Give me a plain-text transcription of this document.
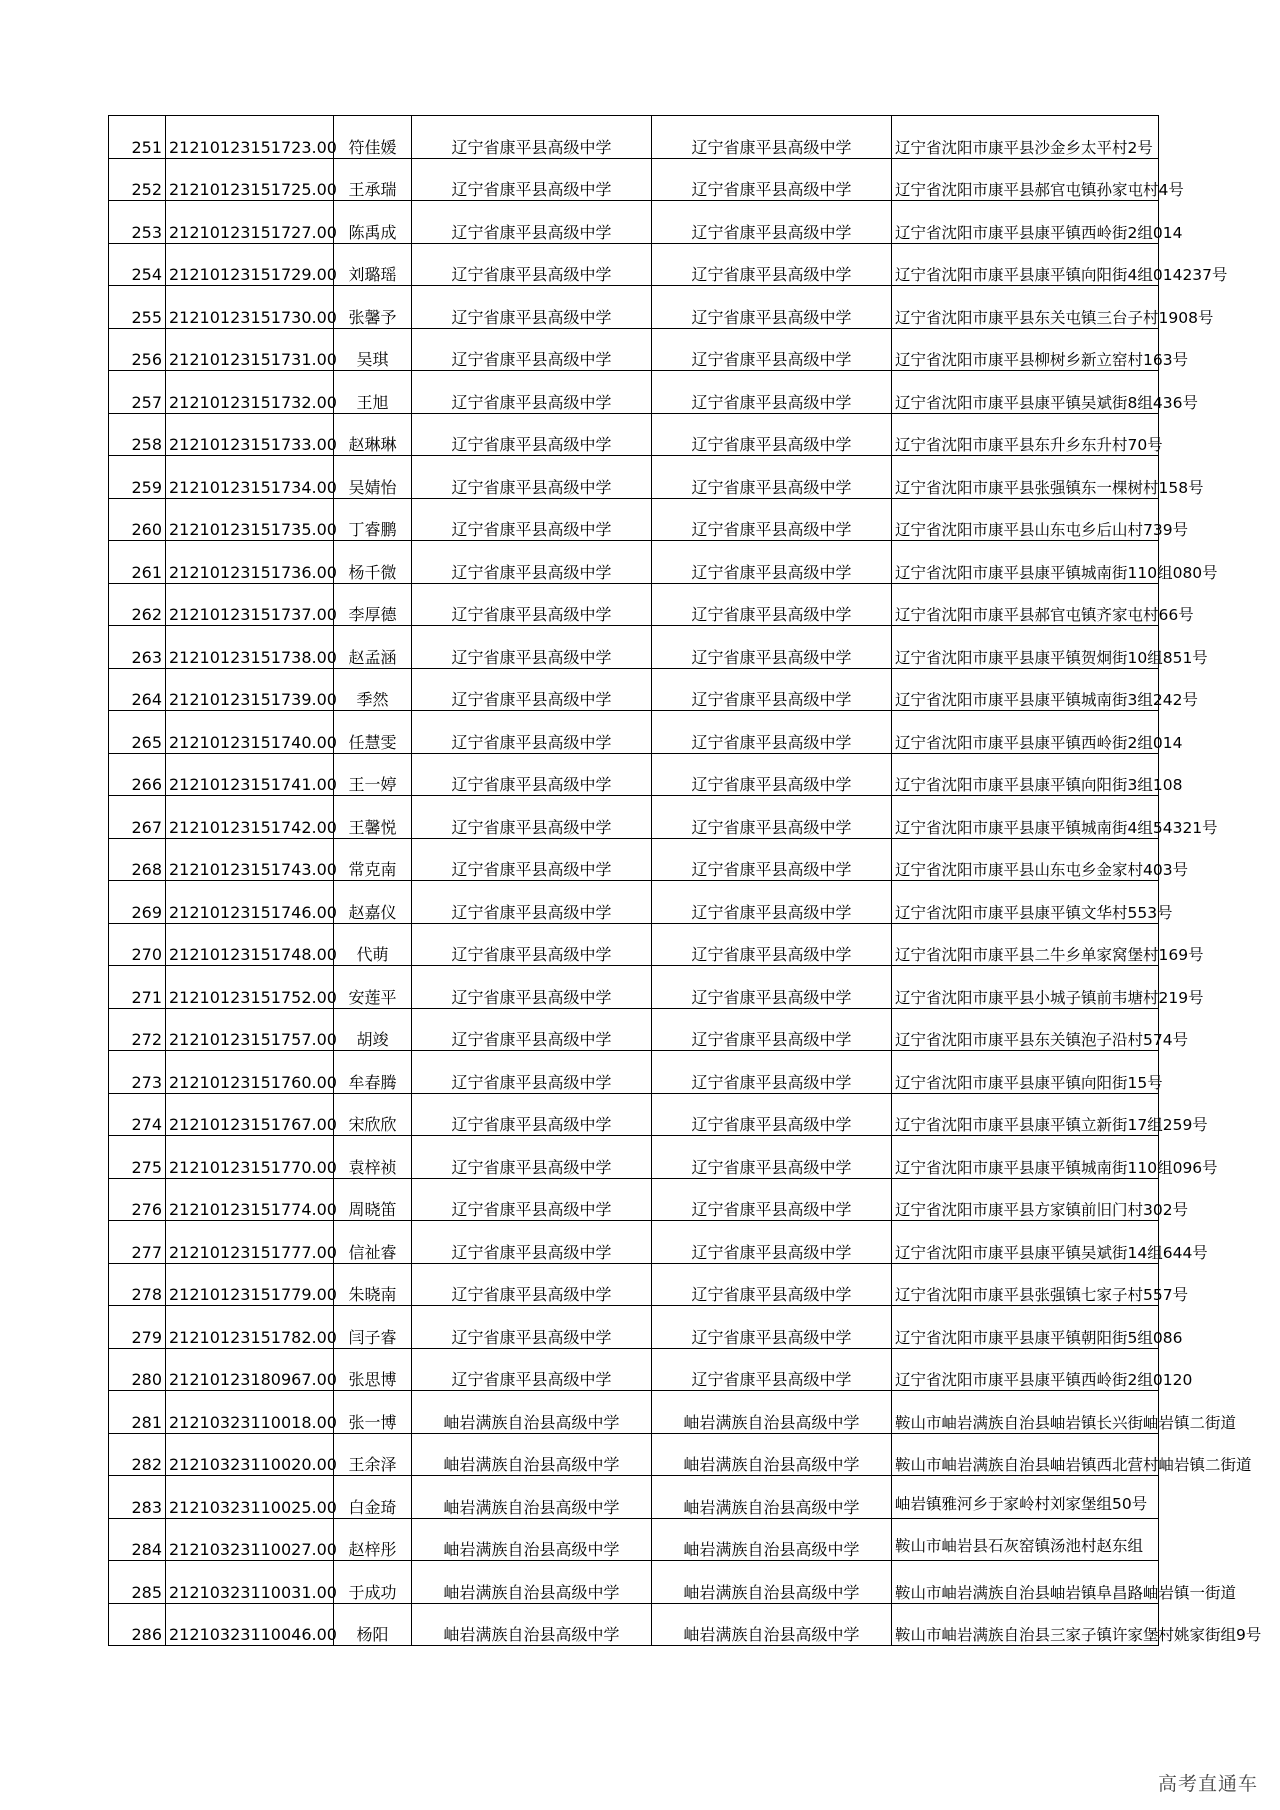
251	21210123151723.00	符佳媛	辽宁省康平县高级中学	辽宁省康平县高级中学	辽宁省沈阳市康平县沙金乡太平村2号
252	21210123151725.00	王承瑞	辽宁省康平县高级中学	辽宁省康平县高级中学	辽宁省沈阳市康平县郝官屯镇孙家屯村4号
253	21210123151727.00	陈禹成	辽宁省康平县高级中学	辽宁省康平县高级中学	辽宁省沈阳市康平县康平镇西岭街2组014
254	21210123151729.00	刘璐瑶	辽宁省康平县高级中学	辽宁省康平县高级中学	辽宁省沈阳市康平县康平镇向阳街4组014237号
255	21210123151730.00	张馨予	辽宁省康平县高级中学	辽宁省康平县高级中学	辽宁省沈阳市康平县东关屯镇三台子村1908号
256	21210123151731.00	吴琪	辽宁省康平县高级中学	辽宁省康平县高级中学	辽宁省沈阳市康平县柳树乡新立窑村163号
257	21210123151732.00	王旭	辽宁省康平县高级中学	辽宁省康平县高级中学	辽宁省沈阳市康平县康平镇吴斌街8组436号
258	21210123151733.00	赵琳琳	辽宁省康平县高级中学	辽宁省康平县高级中学	辽宁省沈阳市康平县东升乡东升村70号
259	21210123151734.00	吴婧怡	辽宁省康平县高级中学	辽宁省康平县高级中学	辽宁省沈阳市康平县张强镇东一棵树村158号
260	21210123151735.00	丁睿鹏	辽宁省康平县高级中学	辽宁省康平县高级中学	辽宁省沈阳市康平县山东屯乡后山村739号
261	21210123151736.00	杨千微	辽宁省康平县高级中学	辽宁省康平县高级中学	辽宁省沈阳市康平县康平镇城南街110组080号
262	21210123151737.00	李厚德	辽宁省康平县高级中学	辽宁省康平县高级中学	辽宁省沈阳市康平县郝官屯镇齐家屯村66号
263	21210123151738.00	赵孟涵	辽宁省康平县高级中学	辽宁省康平县高级中学	辽宁省沈阳市康平县康平镇贺炯街10组851号
264	21210123151739.00	季然	辽宁省康平县高级中学	辽宁省康平县高级中学	辽宁省沈阳市康平县康平镇城南街3组242号
265	21210123151740.00	任慧雯	辽宁省康平县高级中学	辽宁省康平县高级中学	辽宁省沈阳市康平县康平镇西岭街2组014
266	21210123151741.00	王一婷	辽宁省康平县高级中学	辽宁省康平县高级中学	辽宁省沈阳市康平县康平镇向阳街3组108
267	21210123151742.00	王馨悦	辽宁省康平县高级中学	辽宁省康平县高级中学	辽宁省沈阳市康平县康平镇城南街4组54321号
268	21210123151743.00	常克南	辽宁省康平县高级中学	辽宁省康平县高级中学	辽宁省沈阳市康平县山东屯乡金家村403号
269	21210123151746.00	赵嘉仪	辽宁省康平县高级中学	辽宁省康平县高级中学	辽宁省沈阳市康平县康平镇文华村553号
270	21210123151748.00	代萌	辽宁省康平县高级中学	辽宁省康平县高级中学	辽宁省沈阳市康平县二牛乡单家窝堡村169号
271	21210123151752.00	安莲平	辽宁省康平县高级中学	辽宁省康平县高级中学	辽宁省沈阳市康平县小城子镇前韦塘村219号
272	21210123151757.00	胡竣	辽宁省康平县高级中学	辽宁省康平县高级中学	辽宁省沈阳市康平县东关镇泡子沿村574号
273	21210123151760.00	牟春腾	辽宁省康平县高级中学	辽宁省康平县高级中学	辽宁省沈阳市康平县康平镇向阳街15号
274	21210123151767.00	宋欣欣	辽宁省康平县高级中学	辽宁省康平县高级中学	辽宁省沈阳市康平县康平镇立新街17组259号
275	21210123151770.00	袁梓祯	辽宁省康平县高级中学	辽宁省康平县高级中学	辽宁省沈阳市康平县康平镇城南街110组096号
276	21210123151774.00	周晓笛	辽宁省康平县高级中学	辽宁省康平县高级中学	辽宁省沈阳市康平县方家镇前旧门村302号
277	21210123151777.00	信祉睿	辽宁省康平县高级中学	辽宁省康平县高级中学	辽宁省沈阳市康平县康平镇吴斌街14组644号
278	21210123151779.00	朱晓南	辽宁省康平县高级中学	辽宁省康平县高级中学	辽宁省沈阳市康平县张强镇七家子村557号
279	21210123151782.00	闫子睿	辽宁省康平县高级中学	辽宁省康平县高级中学	辽宁省沈阳市康平县康平镇朝阳街5组086
280	21210123180967.00	张思博	辽宁省康平县高级中学	辽宁省康平县高级中学	辽宁省沈阳市康平县康平镇西岭街2组0120
281	21210323110018.00	张一博	岫岩满族自治县高级中学	岫岩满族自治县高级中学	鞍山市岫岩满族自治县岫岩镇长兴街岫岩镇二街道
282	21210323110020.00	王余泽	岫岩满族自治县高级中学	岫岩满族自治县高级中学	鞍山市岫岩满族自治县岫岩镇西北营村岫岩镇二街道
283	21210323110025.00	白金琦	岫岩满族自治县高级中学	岫岩满族自治县高级中学	岫岩镇雅河乡于家岭村刘家堡组50号
284	21210323110027.00	赵梓彤	岫岩满族自治县高级中学	岫岩满族自治县高级中学	鞍山市岫岩县石灰窑镇汤池村赵东组
285	21210323110031.00	于成功	岫岩满族自治县高级中学	岫岩满族自治县高级中学	鞍山市岫岩满族自治县岫岩镇阜昌路岫岩镇一街道
286	21210323110046.00	杨阳	岫岩满族自治县高级中学	岫岩满族自治县高级中学	鞍山市岫岩满族自治县三家子镇许家堡村姚家街组9号
高考直通车
